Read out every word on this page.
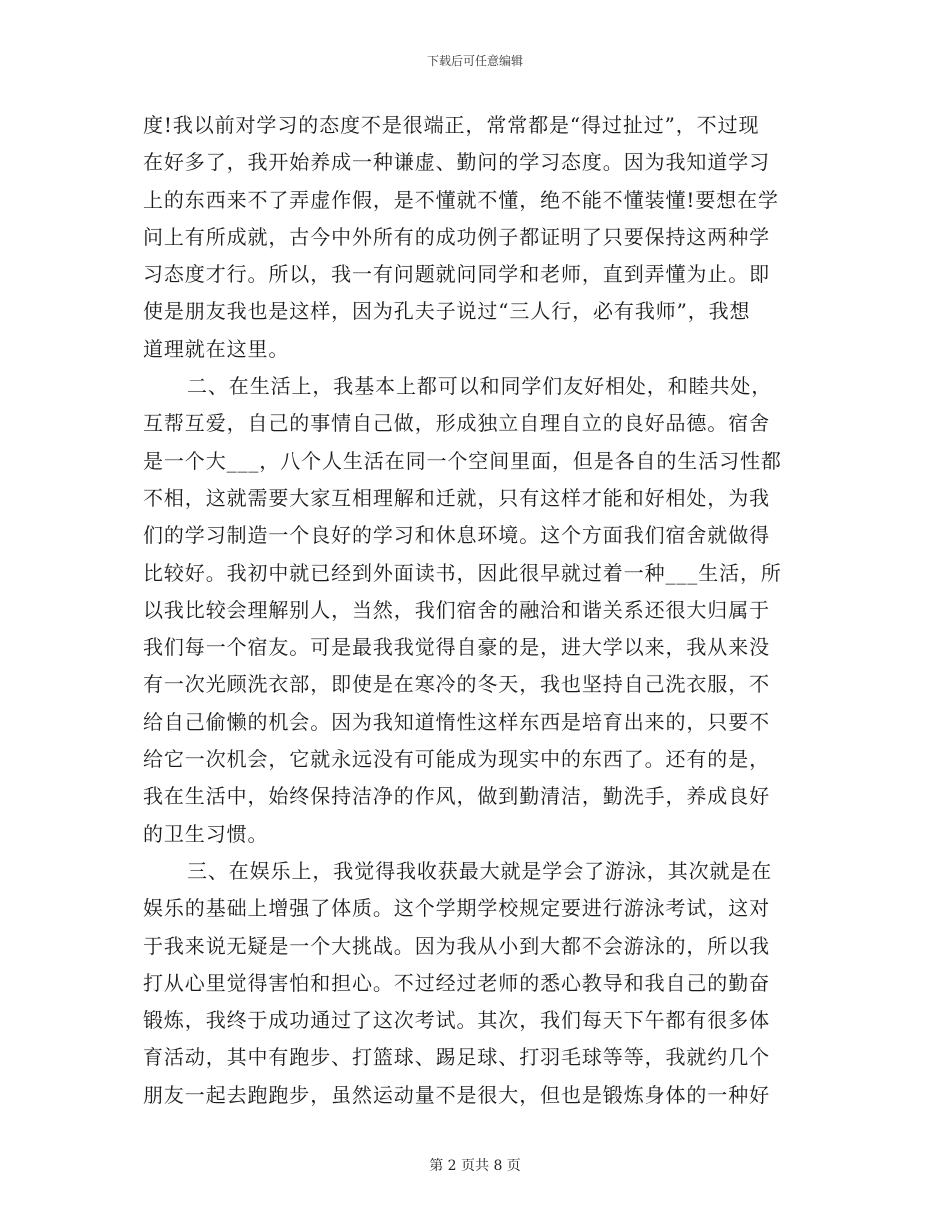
下载后可任意编辑
度!我以前对学习的态度不是很端正，常常都是“得过扯过”，不过现
在好多了，我开始养成一种谦虚、勤问的学习态度。因为我知道学习
上的东西来不了弄虚作假，是不懂就不懂，绝不能不懂装懂!要想在学
问上有所成就，古今中外所有的成功例子都证明了只要保持这两种学
习态度才行。所以，我一有问题就问同学和老师，直到弄懂为止。即
使是朋友我也是这样，因为孔夫子说过“三人行，必有我师”，我想
道理就在这里。
二、在生活上，我基本上都可以和同学们友好相处，和睦共处，
互帮互爱，自己的事情自己做，形成独立自理自立的良好品德。宿舍
是一个大___，八个人生活在同一个空间里面，但是各自的生活习性都
不相，这就需要大家互相理解和迁就，只有这样才能和好相处，为我
们的学习制造一个良好的学习和休息环境。这个方面我们宿舍就做得
比较好。我初中就已经到外面读书，因此很早就过着一种___生活，所
以我比较会理解别人，当然，我们宿舍的融洽和谐关系还很大归属于
我们每一个宿友。可是最我我觉得自豪的是，进大学以来，我从来没
有一次光顾洗衣部，即使是在寒冷的冬天，我也坚持自己洗衣服，不
给自己偷懒的机会。因为我知道惰性这样东西是培育出来的，只要不
给它一次机会，它就永远没有可能成为现实中的东西了。还有的是，
我在生活中，始终保持洁净的作风，做到勤清洁，勤洗手，养成良好
的卫生习惯。
三、在娱乐上，我觉得我收获最大就是学会了游泳，其次就是在
娱乐的基础上增强了体质。这个学期学校规定要进行游泳考试，这对
于我来说无疑是一个大挑战。因为我从小到大都不会游泳的，所以我
打从心里觉得害怕和担心。不过经过老师的悉心教导和我自己的勤奋
锻炼，我终于成功通过了这次考试。其次，我们每天下午都有很多体
育活动，其中有跑步、打篮球、踢足球、打羽毛球等等，我就约几个
朋友一起去跑跑步，虽然运动量不是很大，但也是锻炼身体的一种好
第 2 页共 8 页
